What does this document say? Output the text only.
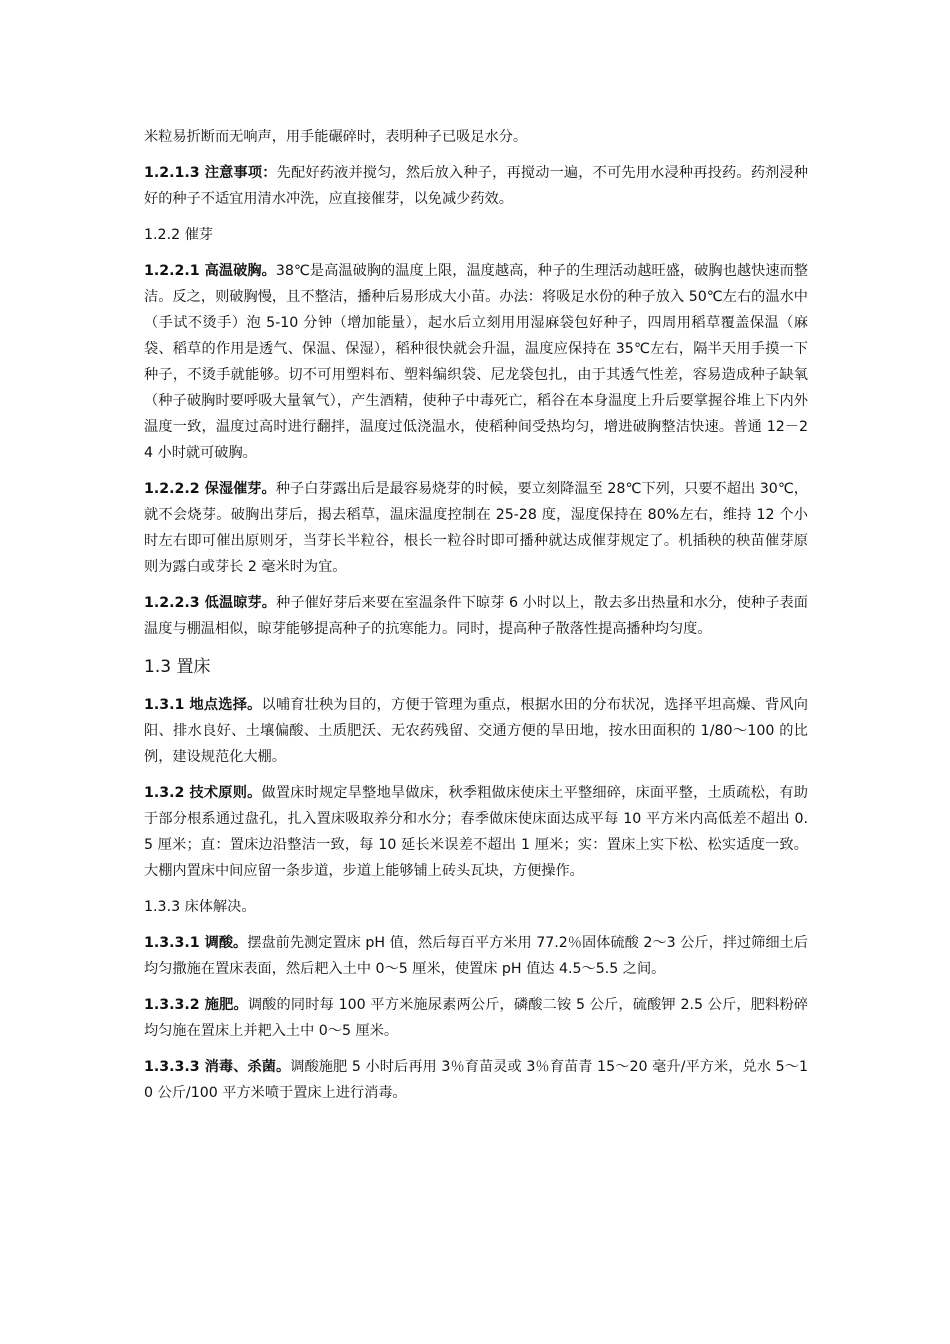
米粒易折断而无响声，用手能碾碎时，表明种子已吸足水分。

1.2.1.3 注意事项：先配好药液并搅匀，然后放入种子，再搅动一遍，不可先用水浸种再投药。药剂浸种好的种子不适宜用清水冲洗，应直接催芽，以免减少药效。

1.2.2 催芽

1.2.2.1 高温破胸。38℃是高温破胸的温度上限，温度越高，种子的生理活动越旺盛，破胸也越快速而整洁。反之，则破胸慢，且不整洁，播种后易形成大小苗。办法：将吸足水份的种子放入 50℃左右的温水中（手试不烫手）泡 5-10 分钟（增加能量），起水后立刻用用湿麻袋包好种子，四周用稻草覆盖保温（麻袋、稻草的作用是透气、保温、保湿），稻种很快就会升温，温度应保持在 35℃左右，隔半天用手摸一下种子，不烫手就能够。切不可用塑料布、塑料编织袋、尼龙袋包扎，由于其透气性差，容易造成种子缺氧（种子破胸时要呼吸大量氧气），产生酒精，使种子中毒死亡，稻谷在本身温度上升后要掌握谷堆上下内外温度一致，温度过高时进行翻拌，温度过低浇温水，使稻种间受热均匀，增进破胸整洁快速。普通 12－24 小时就可破胸。

1.2.2.2 保湿催芽。种子白芽露出后是最容易烧芽的时候，要立刻降温至 28℃下列，只要不超出 30℃，就不会烧芽。破胸出芽后，揭去稻草，温床温度控制在 25-28 度，湿度保持在 80%左右，维持 12 个小时左右即可催出原则牙，当芽长半粒谷，根长一粒谷时即可播种就达成催芽规定了。机插秧的秧苗催芽原则为露白或芽长 2 毫米时为宜。

1.2.2.3 低温晾芽。种子催好芽后来要在室温条件下晾芽 6 小时以上，散去多出热量和水分，使种子表面温度与棚温相似，晾芽能够提高种子的抗寒能力。同时，提高种子散落性提高播种均匀度。

1.3 置床

1.3.1 地点选择。以哺育壮秧为目的，方便于管理为重点，根据水田的分布状况，选择平坦高燥、背风向阳、排水良好、土壤偏酸、土质肥沃、无农药残留、交通方便的旱田地，按水田面积的 1/80～100 的比例，建设规范化大棚。

1.3.2 技术原则。做置床时规定旱整地旱做床，秋季粗做床使床土平整细碎，床面平整，土质疏松，有助于部分根系通过盘孔，扎入置床吸取养分和水分；春季做床使床面达成平每 10 平方米内高低差不超出 0.5 厘米；直：置床边沿整洁一致，每 10 延长米误差不超出 1 厘米；实：置床上实下松、松实适度一致。大棚内置床中间应留一条步道，步道上能够铺上砖头瓦块，方便操作。

1.3.3 床体解决。

1.3.3.1 调酸。摆盘前先测定置床 pH 值，然后每百平方米用 77.2％固体硫酸 2～3 公斤，拌过筛细土后均匀撒施在置床表面，然后耙入土中 0～5 厘米，使置床 pH 值达 4.5～5.5 之间。

1.3.3.2 施肥。调酸的同时每 100 平方米施尿素两公斤，磷酸二铵 5 公斤，硫酸钾 2.5 公斤，肥料粉碎均匀施在置床上并耙入土中 0～5 厘米。

1.3.3.3 消毒、杀菌。调酸施肥 5 小时后再用 3％育苗灵或 3％育苗青 15～20 毫升/平方米，兑水 5～10 公斤/100 平方米喷于置床上进行消毒。
